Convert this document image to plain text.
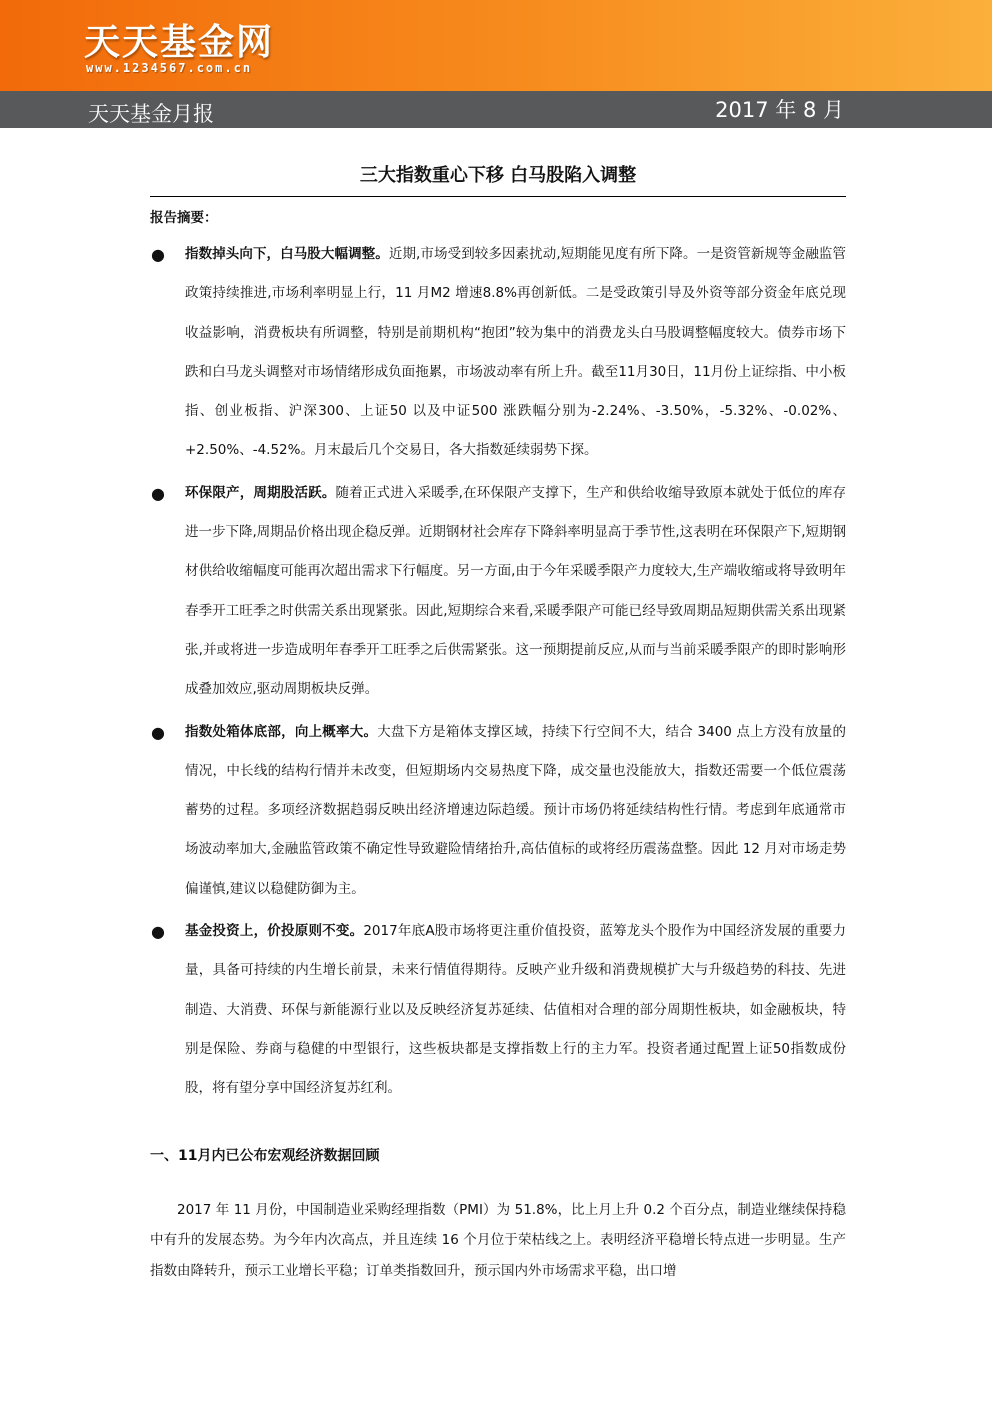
天天基金网
www.1234567.com.cn
天天基金月报	2017 年 8 月
三大指数重心下移 白马股陷入调整
报告摘要：
● 指数掉头向下，白马股大幅调整。近期,市场受到较多因素扰动,短期能见度有所下降。一是资管新规等金融监管政策持续推进,市场利率明显上行，11 月M2 增速8.8%再创新低。二是受政策引导及外资等部分资金年底兑现收益影响，消费板块有所调整，特别是前期机构“抱团”较为集中的消费龙头白马股调整幅度较大。债券市场下跌和白马龙头调整对市场情绪形成负面拖累，市场波动率有所上升。截至11月30日，11月份上证综指、中小板指、创业板指、沪深300、上证50 以及中证500 涨跌幅分别为-2.24%、-3.50%，-5.32%、-0.02%、+2.50%、-4.52%。月末最后几个交易日，各大指数延续弱势下探。
● 环保限产，周期股活跃。随着正式进入采暖季,在环保限产支撑下，生产和供给收缩导致原本就处于低位的库存进一步下降,周期品价格出现企稳反弹。近期钢材社会库存下降斜率明显高于季节性,这表明在环保限产下,短期钢材供给收缩幅度可能再次超出需求下行幅度。另一方面,由于今年采暖季限产力度较大,生产端收缩或将导致明年春季开工旺季之时供需关系出现紧张。因此,短期综合来看,采暖季限产可能已经导致周期品短期供需关系出现紧张,并或将进一步造成明年春季开工旺季之后供需紧张。这一预期提前反应,从而与当前采暖季限产的即时影响形成叠加效应,驱动周期板块反弹。
● 指数处箱体底部，向上概率大。大盘下方是箱体支撑区域，持续下行空间不大，结合 3400 点上方没有放量的情况，中长线的结构行情并未改变，但短期场内交易热度下降，成交量也没能放大，指数还需要一个低位震荡蓄势的过程。多项经济数据趋弱反映出经济增速边际趋缓。预计市场仍将延续结构性行情。考虑到年底通常市场波动率加大,金融监管政策不确定性导致避险情绪抬升,高估值标的或将经历震荡盘整。因此 12 月对市场走势偏谨慎,建议以稳健防御为主。
● 基金投资上，价投原则不变。2017年底A股市场将更注重价值投资，蓝筹龙头个股作为中国经济发展的重要力量，具备可持续的内生增长前景，未来行情值得期待。反映产业升级和消费规模扩大与升级趋势的科技、先进制造、大消费、环保与新能源行业以及反映经济复苏延续、估值相对合理的部分周期性板块，如金融板块，特别是保险、券商与稳健的中型银行，这些板块都是支撑指数上行的主力军。投资者通过配置上证50指数成份股，将有望分享中国经济复苏红利。
一、11月内已公布宏观经济数据回顾
2017 年 11 月份，中国制造业采购经理指数（PMI）为 51.8%，比上月上升 0.2 个百分点，制造业继续保持稳中有升的发展态势。为今年内次高点，并且连续 16 个月位于荣枯线之上。表明经济平稳增长特点进一步明显。生产指数由降转升，预示工业增长平稳；订单类指数回升，预示国内外市场需求平稳，出口增
